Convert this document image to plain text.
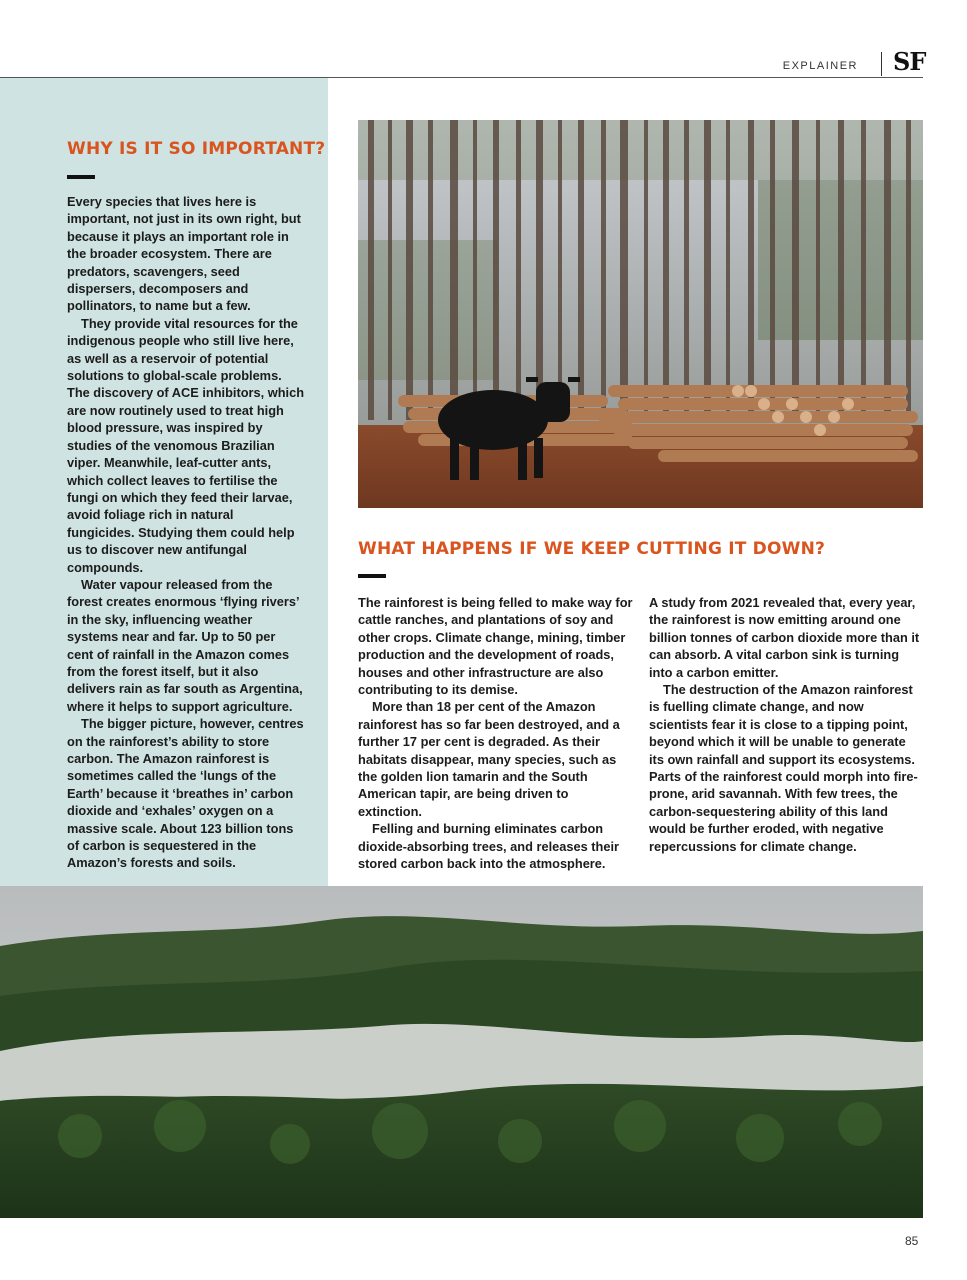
EXPLAINER SF
WHY IS IT SO IMPORTANT?

Every species that lives here is important, not just in its own right, but because it plays an important role in the broader ecosystem. There are predators, scavengers, seed dispersers, decomposers and pollinators, to name but a few.

They provide vital resources for the indigenous people who still live here, as well as a reservoir of potential solutions to global-scale problems. The discovery of ACE inhibitors, which are now routinely used to treat high blood pressure, was inspired by studies of the venomous Brazilian viper. Meanwhile, leaf-cutter ants, which collect leaves to fertilise the fungi on which they feed their larvae, avoid foliage rich in natural fungicides. Studying them could help us to discover new antifungal compounds.

Water vapour released from the forest creates enormous ‘flying rivers’ in the sky, influencing weather systems near and far. Up to 50 per cent of rainfall in the Amazon comes from the forest itself, but it also delivers rain as far south as Argentina, where it helps to support agriculture.

The bigger picture, however, centres on the rainforest’s ability to store carbon. The Amazon rainforest is sometimes called the ‘lungs of the Earth’ because it ‘breathes in’ carbon dioxide and ‘exhales’ oxygen on a massive scale. About 123 billion tons of carbon is sequestered in the Amazon’s forests and soils.

WHAT HAPPENS IF WE KEEP CUTTING IT DOWN?

The rainforest is being felled to make way for cattle ranches, and plantations of soy and other crops. Climate change, mining, timber production and the development of roads, houses and other infrastructure are also contributing to its demise.

More than 18 per cent of the Amazon rainforest has so far been destroyed, and a further 17 per cent is degraded. As their habitats disappear, many species, such as the golden lion tamarin and the South American tapir, are being driven to extinction.

Felling and burning eliminates carbon dioxide-absorbing trees, and releases their stored carbon back into the atmosphere.

A study from 2021 revealed that, every year, the rainforest is now emitting around one billion tonnes of carbon dioxide more than it can absorb. A vital carbon sink is turning into a carbon emitter.

The destruction of the Amazon rainforest is fuelling climate change, and now scientists fear it is close to a tipping point, beyond which it will be unable to generate its own rainfall and support its ecosystems. Parts of the rainforest could morph into fire-prone, arid savannah. With few trees, the carbon-sequestering ability of this land would be further eroded, with negative repercussions for climate change.

85
